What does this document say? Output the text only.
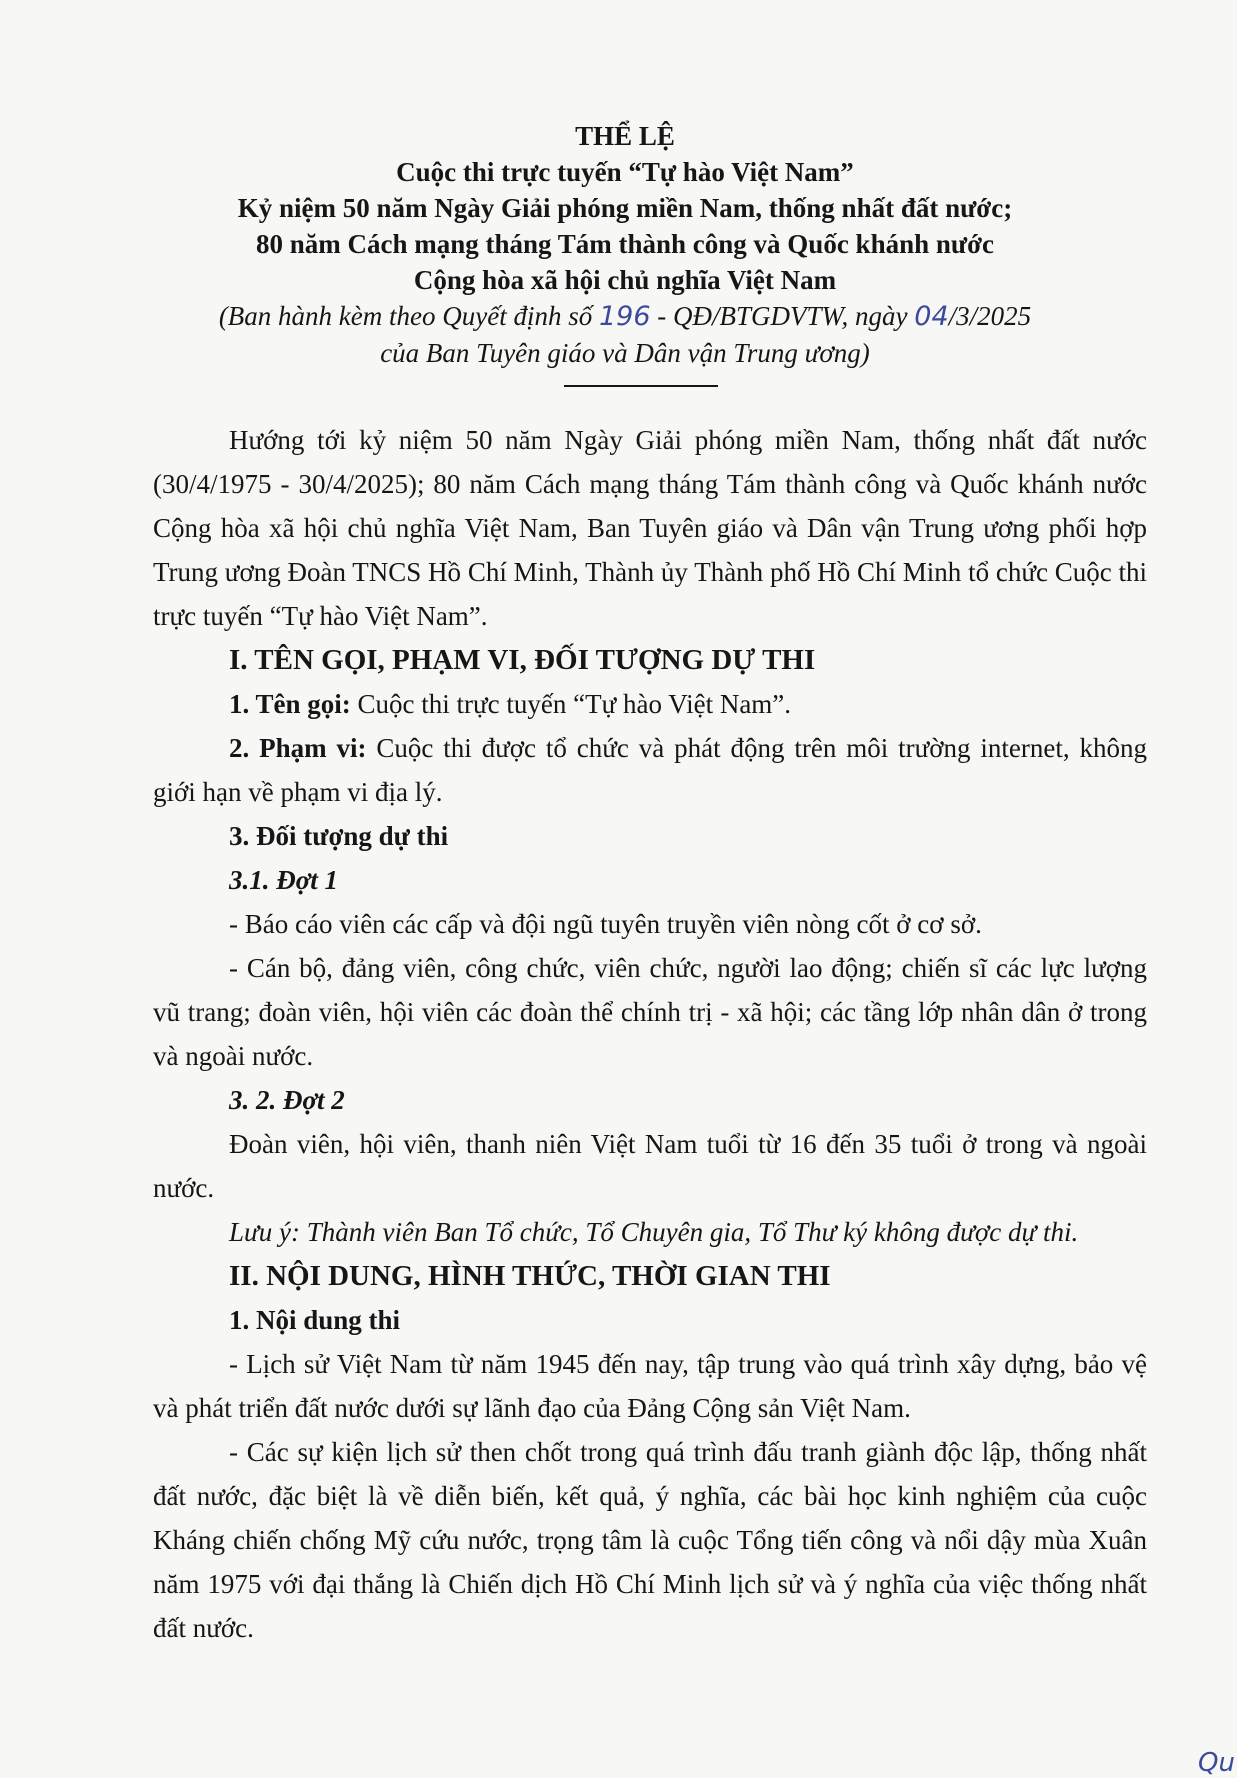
THỂ LỆ
Cuộc thi trực tuyến “Tự hào Việt Nam”
Kỷ niệm 50 năm Ngày Giải phóng miền Nam, thống nhất đất nước;
80 năm Cách mạng tháng Tám thành công và Quốc khánh nước
Cộng hòa xã hội chủ nghĩa Việt Nam
(Ban hành kèm theo Quyết định số 196 - QĐ/BTGDVTW, ngày 04/3/2025
của Ban Tuyên giáo và Dân vận Trung ương)

Hướng tới kỷ niệm 50 năm Ngày Giải phóng miền Nam, thống nhất đất nước (30/4/1975 - 30/4/2025); 80 năm Cách mạng tháng Tám thành công và Quốc khánh nước Cộng hòa xã hội chủ nghĩa Việt Nam, Ban Tuyên giáo và Dân vận Trung ương phối hợp Trung ương Đoàn TNCS Hồ Chí Minh, Thành ủy Thành phố Hồ Chí Minh tổ chức Cuộc thi trực tuyến “Tự hào Việt Nam”.

I. TÊN GỌI, PHẠM VI, ĐỐI TƯỢNG DỰ THI

1. Tên gọi: Cuộc thi trực tuyến “Tự hào Việt Nam”.

2. Phạm vi: Cuộc thi được tổ chức và phát động trên môi trường internet, không giới hạn về phạm vi địa lý.

3. Đối tượng dự thi

3.1. Đợt 1

- Báo cáo viên các cấp và đội ngũ tuyên truyền viên nòng cốt ở cơ sở.

- Cán bộ, đảng viên, công chức, viên chức, người lao động; chiến sĩ các lực lượng vũ trang; đoàn viên, hội viên các đoàn thể chính trị - xã hội; các tầng lớp nhân dân ở trong và ngoài nước.

3. 2. Đợt 2

Đoàn viên, hội viên, thanh niên Việt Nam tuổi từ 16 đến 35 tuổi ở trong và ngoài nước.

Lưu ý: Thành viên Ban Tổ chức, Tổ Chuyên gia, Tổ Thư ký không được dự thi.

II. NỘI DUNG, HÌNH THỨC, THỜI GIAN THI

1. Nội dung thi

- Lịch sử Việt Nam từ năm 1945 đến nay, tập trung vào quá trình xây dựng, bảo vệ và phát triển đất nước dưới sự lãnh đạo của Đảng Cộng sản Việt Nam.

- Các sự kiện lịch sử then chốt trong quá trình đấu tranh giành độc lập, thống nhất đất nước, đặc biệt là về diễn biến, kết quả, ý nghĩa, các bài học kinh nghiệm của cuộc Kháng chiến chống Mỹ cứu nước, trọng tâm là cuộc Tổng tiến công và nổi dậy mùa Xuân năm 1975 với đại thắng là Chiến dịch Hồ Chí Minh lịch sử và ý nghĩa của việc thống nhất đất nước.

Qu
